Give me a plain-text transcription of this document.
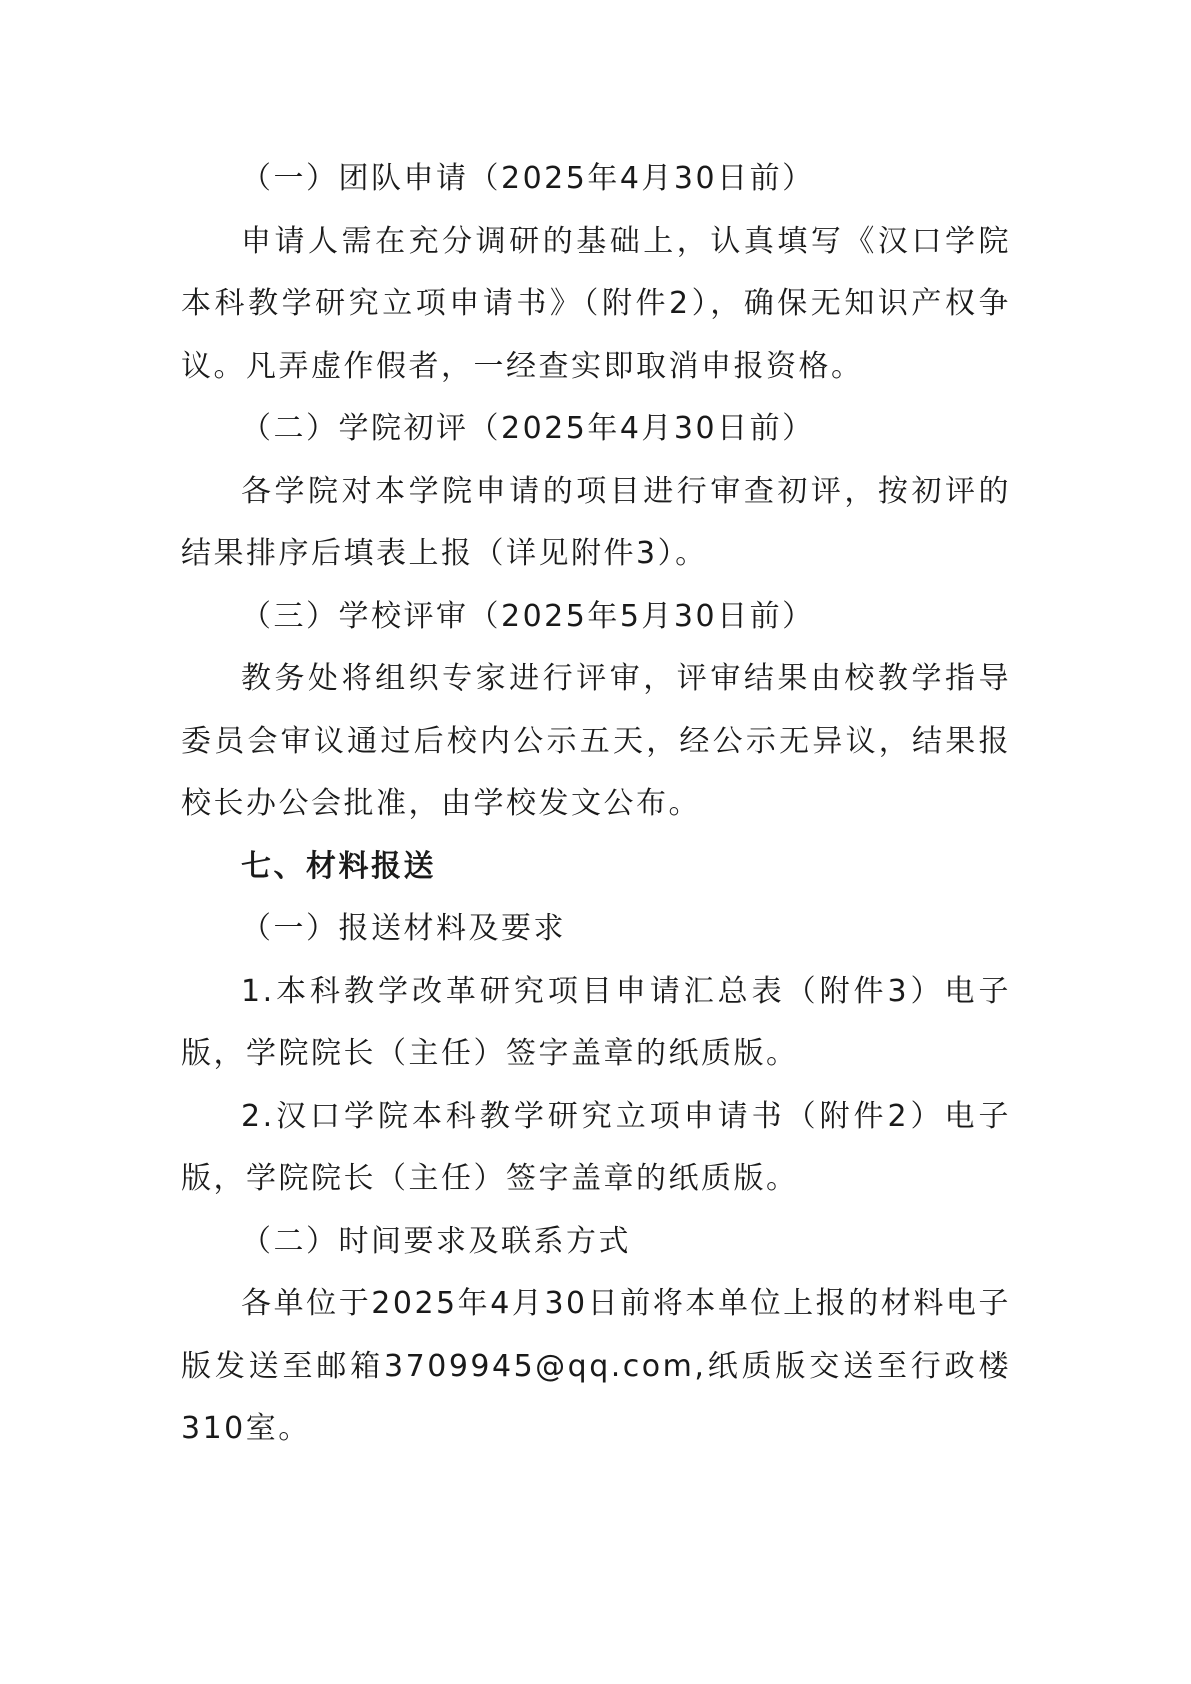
（一）团队申请（2025年4月30日前）

申请人需在充分调研的基础上，认真填写《汉口学院本科教学研究立项申请书》（附件2），确保无知识产权争议。凡弄虚作假者，一经查实即取消申报资格。

（二）学院初评（2025年4月30日前）

各学院对本学院申请的项目进行审查初评，按初评的结果排序后填表上报（详见附件3）。

（三）学校评审（2025年5月30日前）

教务处将组织专家进行评审，评审结果由校教学指导委员会审议通过后校内公示五天，经公示无异议，结果报校长办公会批准，由学校发文公布。

七、材料报送

（一）报送材料及要求

1.本科教学改革研究项目申请汇总表（附件3）电子版，学院院长（主任）签字盖章的纸质版。

2.汉口学院本科教学研究立项申请书（附件2）电子版，学院院长（主任）签字盖章的纸质版。

（二）时间要求及联系方式

各单位于2025年4月30日前将本单位上报的材料电子版发送至邮箱3709945@qq.com,纸质版交送至行政楼310室。
